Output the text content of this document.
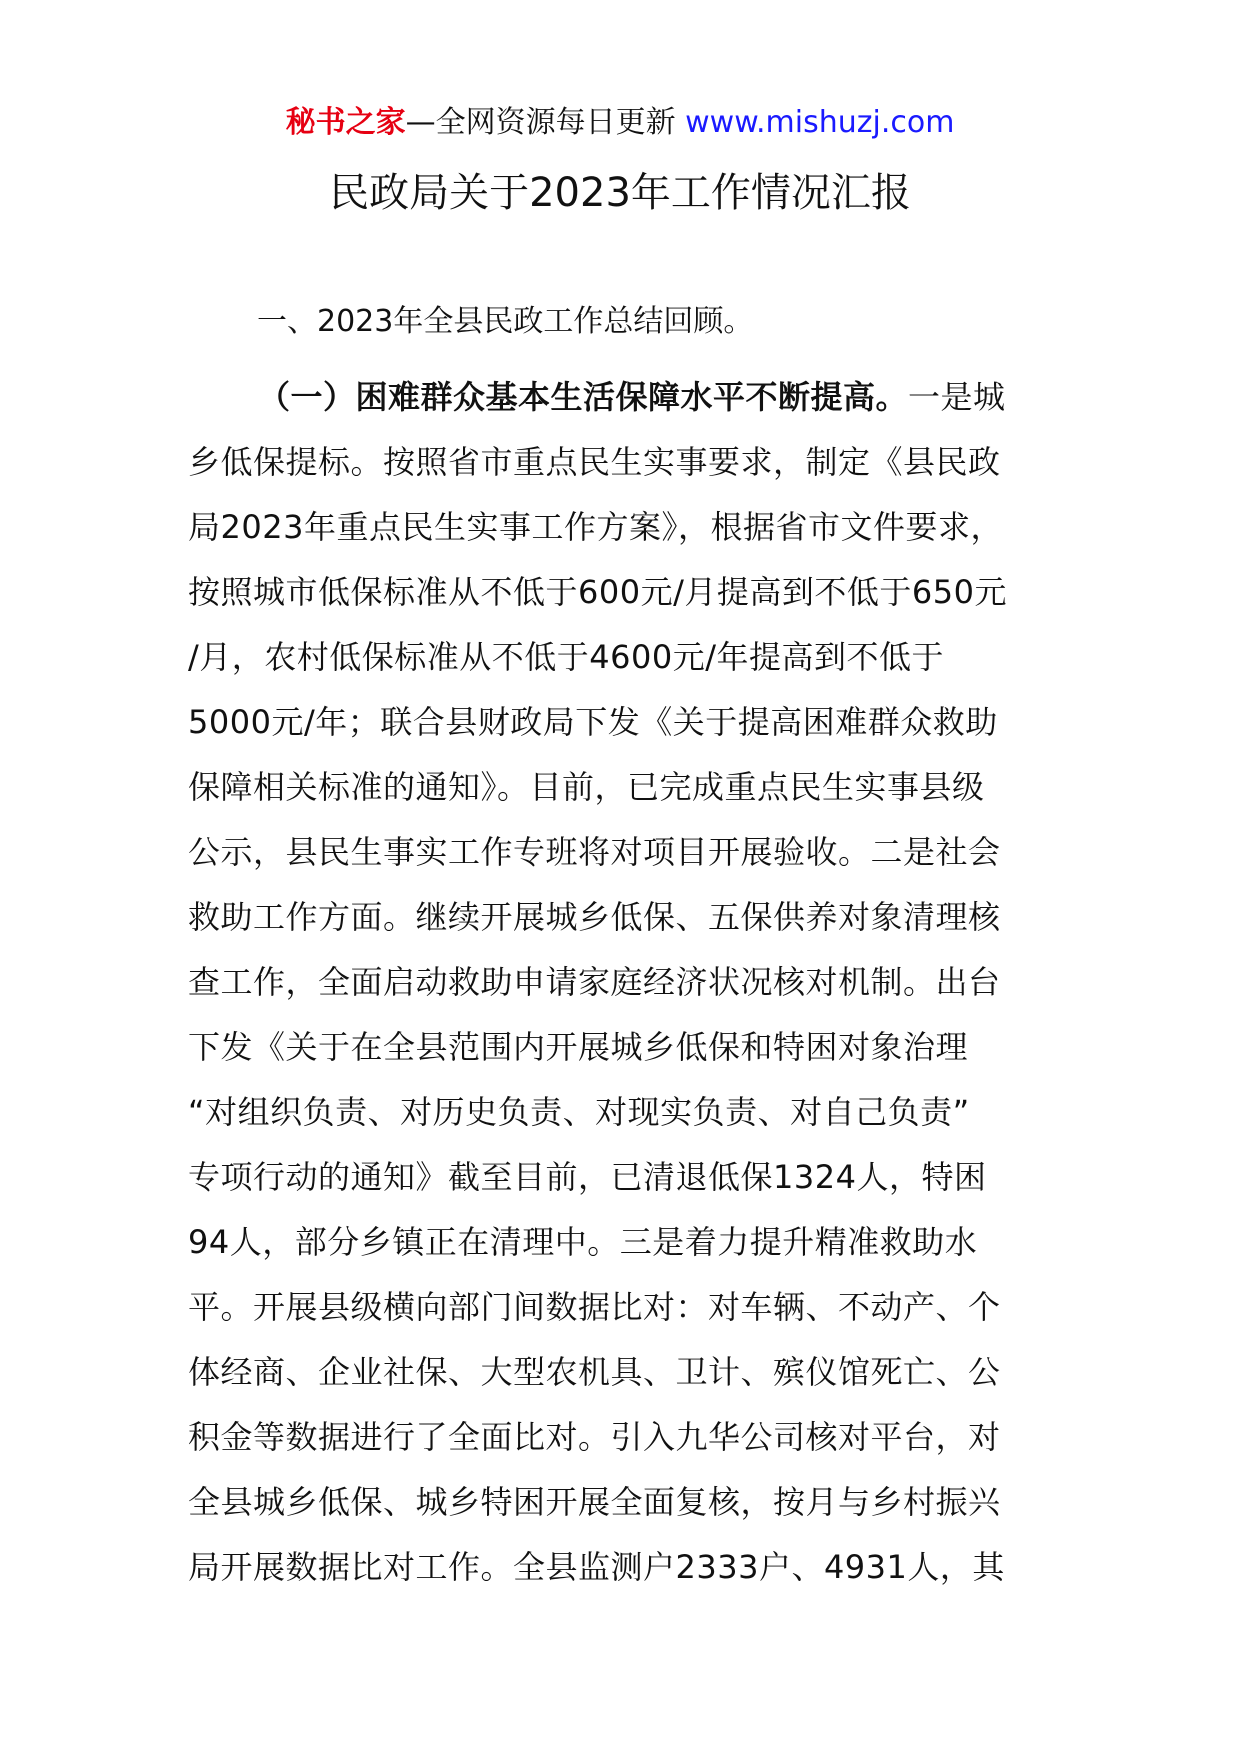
秘书之家—全网资源每日更新 www.mishuzj.com
民政局关于2023年工作情况汇报
一、2023年全县民政工作总结回顾。
（一）困难群众基本生活保障水平不断提高。一是城
乡低保提标。按照省市重点民生实事要求，制定《县民政
局2023年重点民生实事工作方案》，根据省市文件要求，
按照城市低保标准从不低于600元/月提高到不低于650元
/月，农村低保标准从不低于4600元/年提高到不低于
5000元/年；联合县财政局下发《关于提高困难群众救助
保障相关标准的通知》。目前，已完成重点民生实事县级
公示，县民生事实工作专班将对项目开展验收。二是社会
救助工作方面。继续开展城乡低保、五保供养对象清理核
查工作，全面启动救助申请家庭经济状况核对机制。出台
下发《关于在全县范围内开展城乡低保和特困对象治理
“对组织负责、对历史负责、对现实负责、对自己负责”
专项行动的通知》截至目前，已清退低保1324人，特困
94人，部分乡镇正在清理中。三是着力提升精准救助水
平。开展县级横向部门间数据比对：对车辆、不动产、个
体经商、企业社保、大型农机具、卫计、殡仪馆死亡、公
积金等数据进行了全面比对。引入九华公司核对平台，对
全县城乡低保、城乡特困开展全面复核，按月与乡村振兴
局开展数据比对工作。全县监测户2333户、4931人，其
